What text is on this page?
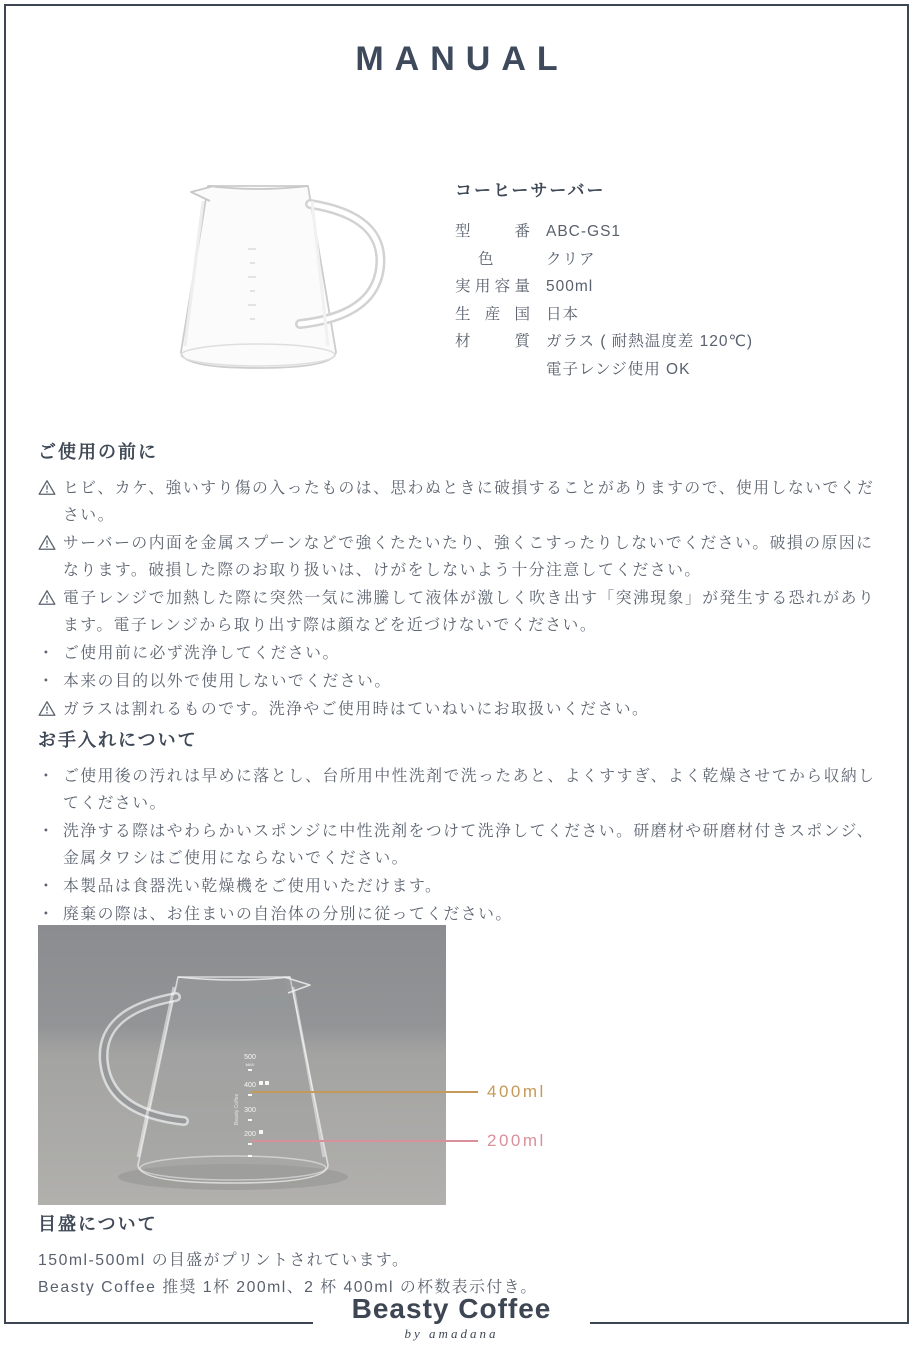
MANUAL
コーヒーサーバー
型	番 ABC-GS1
色	クリア
実 用 容 量 500ml
生 産 国 日本
材	質 ガラス ( 耐熱温度差 120℃)
電子レンジ使用 OK
ご使用の前に
ヒビ、カケ、強いすり傷の入ったものは、思わぬときに破損することがありますので、使用しないでください。
サーバーの内面を金属スプーンなどで強くたたいたり、強くこすったりしないでください。破損の原因になります。破損した際のお取り扱いは、けがをしないよう十分注意してください。
電子レンジで加熱した際に突然一気に沸騰して液体が激しく吹き出す「突沸現象」が発生する恐れがあります。電子レンジから取り出す際は顔などを近づけないでください。
・ ご使用前に必ず洗浄してください。
・ 本来の目的以外で使用しないでください。
ガラスは割れるものです。洗浄やご使用時はていねいにお取扱いください。
お手入れについて
・ ご使用後の汚れは早めに落とし、台所用中性洗剤で洗ったあと、よくすすぎ、よく乾燥させてから収納してください。
・ 洗浄する際はやわらかいスポンジに中性洗剤をつけて洗浄してください。研磨材や研磨材付きスポンジ、金属タワシはご使用にならないでください。
・ 本製品は食器洗い乾燥機をご使用いただけます。
・ 廃棄の際は、お住まいの自治体の分別に従ってください。
500
MAX
400
300
200
Beasty Coffee
400ml
200ml
目盛について
150ml-500ml の目盛がプリントされています。
Beasty Coffee 推奨 1杯 200ml、2 杯 400ml の杯数表示付き。
Beasty Coffee
by amadana
